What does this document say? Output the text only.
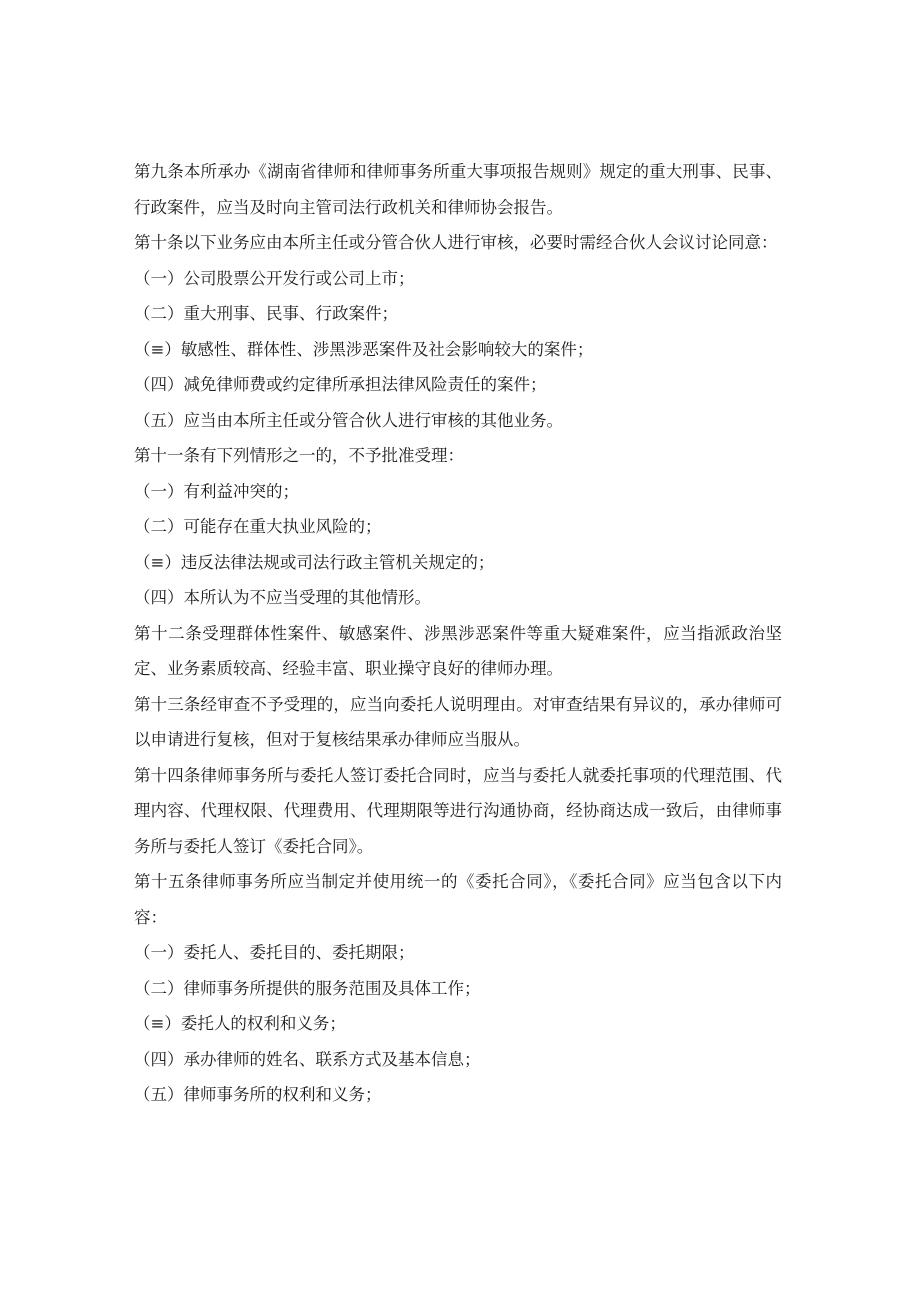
第九条本所承办《湖南省律师和律师事务所重大事项报告规则》规定的重大刑事、民事、行政案件，应当及时向主管司法行政机关和律师协会报告。

第十条以下业务应由本所主任或分管合伙人进行审核，必要时需经合伙人会议讨论同意：

（一）公司股票公开发行或公司上市；

（二）重大刑事、民事、行政案件；

（≡）敏感性、群体性、涉黑涉恶案件及社会影响较大的案件；

（四）减免律师费或约定律所承担法律风险责任的案件；

（五）应当由本所主任或分管合伙人进行审核的其他业务。

第十一条有下列情形之一的，不予批准受理：

（一）有利益冲突的；

（二）可能存在重大执业风险的；

（≡）违反法律法规或司法行政主管机关规定的；

（四）本所认为不应当受理的其他情形。

第十二条受理群体性案件、敏感案件、涉黑涉恶案件等重大疑难案件，应当指派政治坚定、业务素质较高、经验丰富、职业操守良好的律师办理。

第十三条经审查不予受理的，应当向委托人说明理由。对审查结果有异议的，承办律师可以申请进行复核，但对于复核结果承办律师应当服从。

第十四条律师事务所与委托人签订委托合同时，应当与委托人就委托事项的代理范围、代理内容、代理权限、代理费用、代理期限等进行沟通协商，经协商达成一致后，由律师事务所与委托人签订《委托合同》。

第十五条律师事务所应当制定并使用统一的《委托合同》，《委托合同》应当包含以下内容：

（一）委托人、委托目的、委托期限；

（二）律师事务所提供的服务范围及具体工作；

（≡）委托人的权利和义务；

（四）承办律师的姓名、联系方式及基本信息；

（五）律师事务所的权利和义务；
